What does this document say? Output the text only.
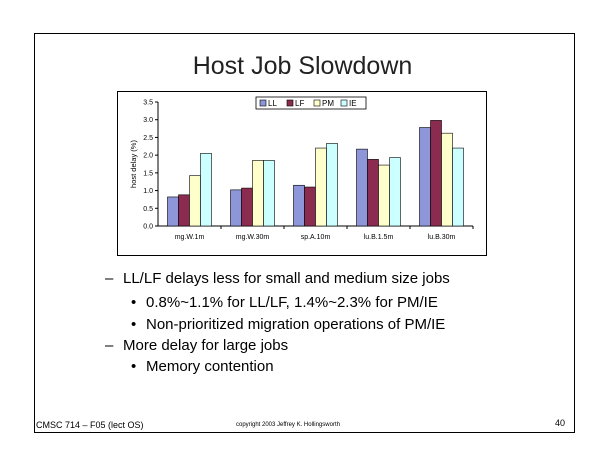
Host Job Slowdown
0.0
0.5
1.0
1.5
2.0
2.5
3.0
3.5
host delay (%)
mg.W.1m	mg.W.30m	sp.A.10m	lu.B.1.5m	lu.B.30m
LL LF PM IE
– LL/LF delays less for small and medium size jobs
• 0.8%~1.1% for LL/LF, 1.4%~2.3% for PM/IE
• Non-prioritized migration operations of PM/IE
– More delay for large jobs
• Memory contention
CMSC 714 – F05 (lect OS)	copyright 2003 Jeffrey K. Hollingsworth	40
